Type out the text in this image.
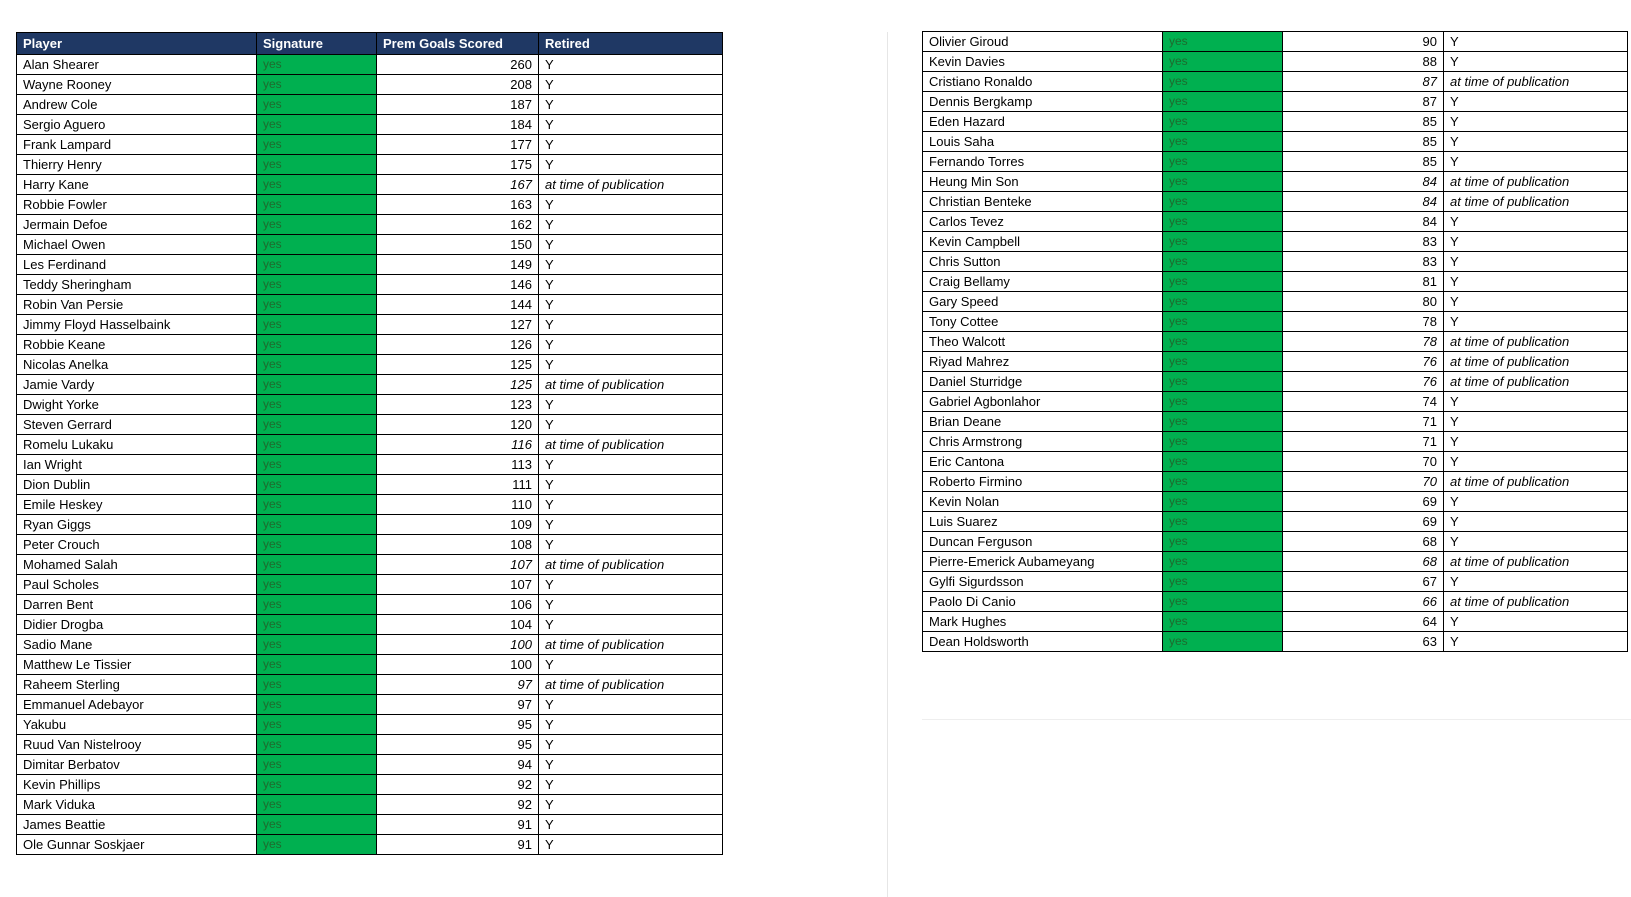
Player	Signature	Prem Goals Scored	Retired
Alan Shearer	yes	260	Y
Wayne Rooney	yes	208	Y
Andrew Cole	yes	187	Y
Sergio Aguero	yes	184	Y
Frank Lampard	yes	177	Y
Thierry Henry	yes	175	Y
Harry Kane	yes	167	at time of publication
Robbie Fowler	yes	163	Y
Jermain Defoe	yes	162	Y
Michael Owen	yes	150	Y
Les Ferdinand	yes	149	Y
Teddy Sheringham	yes	146	Y
Robin Van Persie	yes	144	Y
Jimmy Floyd Hasselbaink	yes	127	Y
Robbie Keane	yes	126	Y
Nicolas Anelka	yes	125	Y
Jamie Vardy	yes	125	at time of publication
Dwight Yorke	yes	123	Y
Steven Gerrard	yes	120	Y
Romelu Lukaku	yes	116	at time of publication
Ian Wright	yes	113	Y
Dion Dublin	yes	111	Y
Emile Heskey	yes	110	Y
Ryan Giggs	yes	109	Y
Peter Crouch	yes	108	Y
Mohamed Salah	yes	107	at time of publication
Paul Scholes	yes	107	Y
Darren Bent	yes	106	Y
Didier Drogba	yes	104	Y
Sadio Mane	yes	100	at time of publication
Matthew Le Tissier	yes	100	Y
Raheem Sterling	yes	97	at time of publication
Emmanuel Adebayor	yes	97	Y
Yakubu	yes	95	Y
Ruud Van Nistelrooy	yes	95	Y
Dimitar Berbatov	yes	94	Y
Kevin Phillips	yes	92	Y
Mark Viduka	yes	92	Y
James Beattie	yes	91	Y
Ole Gunnar Soskjaer	yes	91	Y
Olivier Giroud	yes	90	Y
Kevin Davies	yes	88	Y
Cristiano Ronaldo	yes	87	at time of publication
Dennis Bergkamp	yes	87	Y
Eden Hazard	yes	85	Y
Louis Saha	yes	85	Y
Fernando Torres	yes	85	Y
Heung Min Son	yes	84	at time of publication
Christian Benteke	yes	84	at time of publication
Carlos Tevez	yes	84	Y
Kevin Campbell	yes	83	Y
Chris Sutton	yes	83	Y
Craig Bellamy	yes	81	Y
Gary Speed	yes	80	Y
Tony Cottee	yes	78	Y
Theo Walcott	yes	78	at time of publication
Riyad Mahrez	yes	76	at time of publication
Daniel Sturridge	yes	76	at time of publication
Gabriel Agbonlahor	yes	74	Y
Brian Deane	yes	71	Y
Chris Armstrong	yes	71	Y
Eric Cantona	yes	70	Y
Roberto Firmino	yes	70	at time of publication
Kevin Nolan	yes	69	Y
Luis Suarez	yes	69	Y
Duncan Ferguson	yes	68	Y
Pierre-Emerick Aubameyang	yes	68	at time of publication
Gylfi Sigurdsson	yes	67	Y
Paolo Di Canio	yes	66	at time of publication
Mark Hughes	yes	64	Y
Dean Holdsworth	yes	63	Y
